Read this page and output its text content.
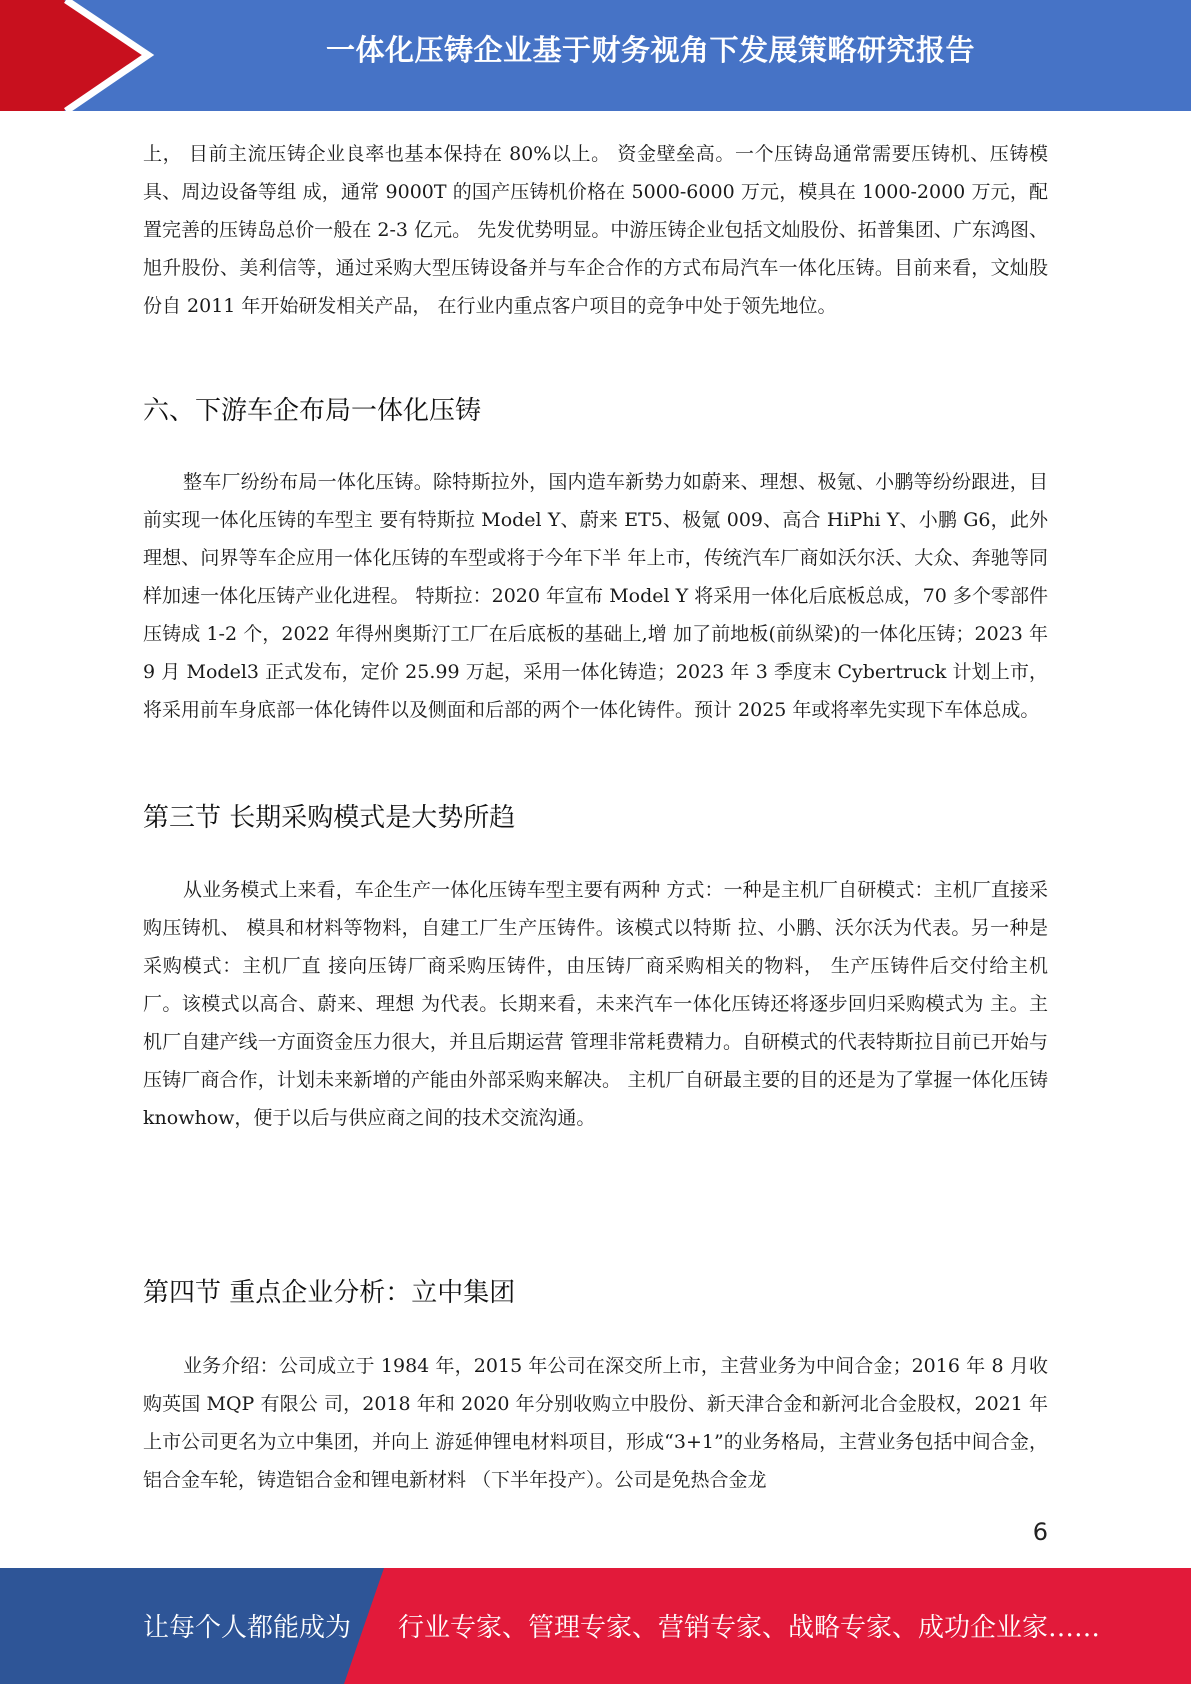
一体化压铸企业基于财务视角下发展策略研究报告

上， 目前主流压铸企业良率也基本保持在 80%以上。 资金壁垒高。一个压铸岛通常需要压铸机、压铸模具、周边设备等组 成，通常 9000T 的国产压铸机价格在 5000-6000 万元，模具在 1000-2000 万元，配置完善的压铸岛总价一般在 2-3 亿元。 先发优势明显。中游压铸企业包括文灿股份、拓普集团、广东鸿图、 旭升股份、美利信等，通过采购大型压铸设备并与车企合作的方式布局汽车一体化压铸。目前来看，文灿股份自 2011 年开始研发相关产品， 在行业内重点客户项目的竞争中处于领先地位。

六、下游车企布局一体化压铸

整车厂纷纷布局一体化压铸。除特斯拉外，国内造车新势力如蔚来、理想、极氪、小鹏等纷纷跟进，目前实现一体化压铸的车型主 要有特斯拉 Model Y、蔚来 ET5、极氪 009、高合 HiPhi Y、小鹏 G6，此外理想、问界等车企应用一体化压铸的车型或将于今年下半 年上市，传统汽车厂商如沃尔沃、大众、奔驰等同样加速一体化压铸产业化进程。 特斯拉：2020 年宣布 Model Y 将采用一体化后底板总成，70 多个零部件压铸成 1-2 个，2022 年得州奥斯汀工厂在后底板的基础上,增 加了前地板(前纵梁)的一体化压铸；2023 年 9 月 Model3 正式发布，定价 25.99 万起，采用一体化铸造；2023 年 3 季度末 Cybertruck 计划上市，将采用前车身底部一体化铸件以及侧面和后部的两个一体化铸件。预计 2025 年或将率先实现下车体总成。

第三节 长期采购模式是大势所趋

从业务模式上来看，车企生产一体化压铸车型主要有两种 方式：一种是主机厂自研模式：主机厂直接采购压铸机、 模具和材料等物料，自建工厂生产压铸件。该模式以特斯 拉、小鹏、沃尔沃为代表。另一种是采购模式：主机厂直 接向压铸厂商采购压铸件，由压铸厂商采购相关的物料， 生产压铸件后交付给主机厂。该模式以高合、蔚来、理想 为代表。长期来看，未来汽车一体化压铸还将逐步回归采购模式为 主。主机厂自建产线一方面资金压力很大，并且后期运营 管理非常耗费精力。自研模式的代表特斯拉目前已开始与 压铸厂商合作，计划未来新增的产能由外部采购来解决。 主机厂自研最主要的目的还是为了掌握一体化压铸 knowhow，便于以后与供应商之间的技术交流沟通。

第四节 重点企业分析：立中集团

业务介绍：公司成立于 1984 年，2015 年公司在深交所上市，主营业务为中间合金；2016 年 8 月收购英国 MQP 有限公 司，2018 年和 2020 年分别收购立中股份、新天津合金和新河北合金股权，2021 年上市公司更名为立中集团，并向上 游延伸锂电材料项目，形成“3+1”的业务格局，主营业务包括中间合金，铝合金车轮，铸造铝合金和锂电新材料 （下半年投产）。公司是免热合金龙

6
让每个人都能成为 行业专家、管理专家、营销专家、战略专家、成功企业家……
